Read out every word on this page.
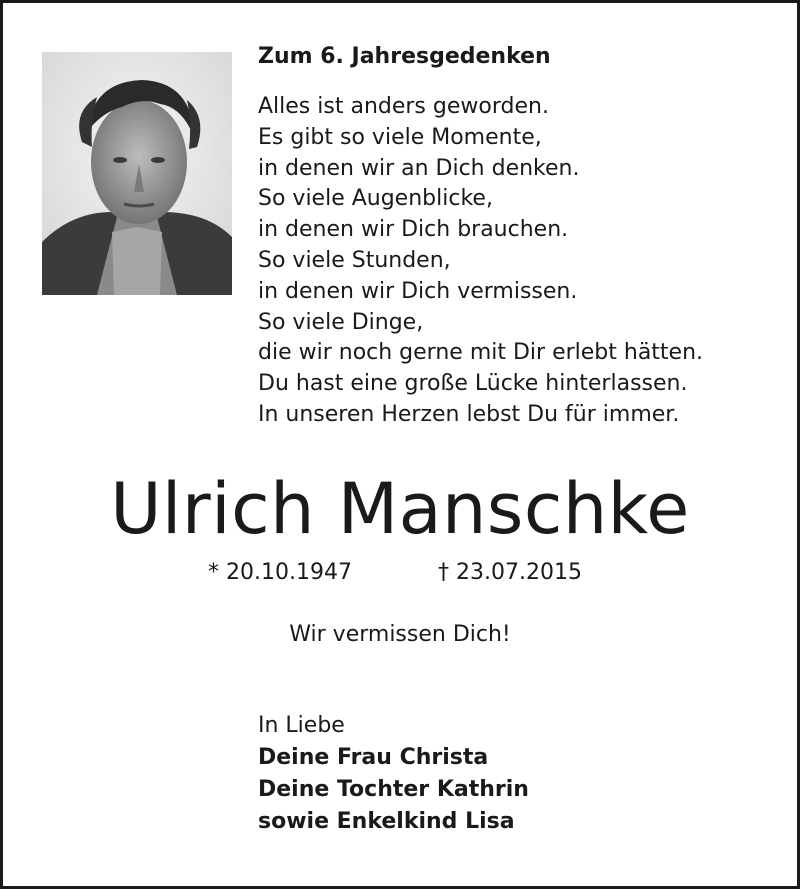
Zum 6. Jahresgedenken
Alles ist anders geworden.
Es gibt so viele Momente,
in denen wir an Dich denken.
So viele Augenblicke,
in denen wir Dich brauchen.
So viele Stunden,
in denen wir Dich vermissen.
So viele Dinge,
die wir noch gerne mit Dir erlebt hätten.
Du hast eine große Lücke hinterlassen.
In unseren Herzen lebst Du für immer.
Ulrich Manschke
* 20.10.1947	† 23.07.2015
Wir vermissen Dich!
In Liebe
Deine Frau Christa
Deine Tochter Kathrin
sowie Enkelkind Lisa
